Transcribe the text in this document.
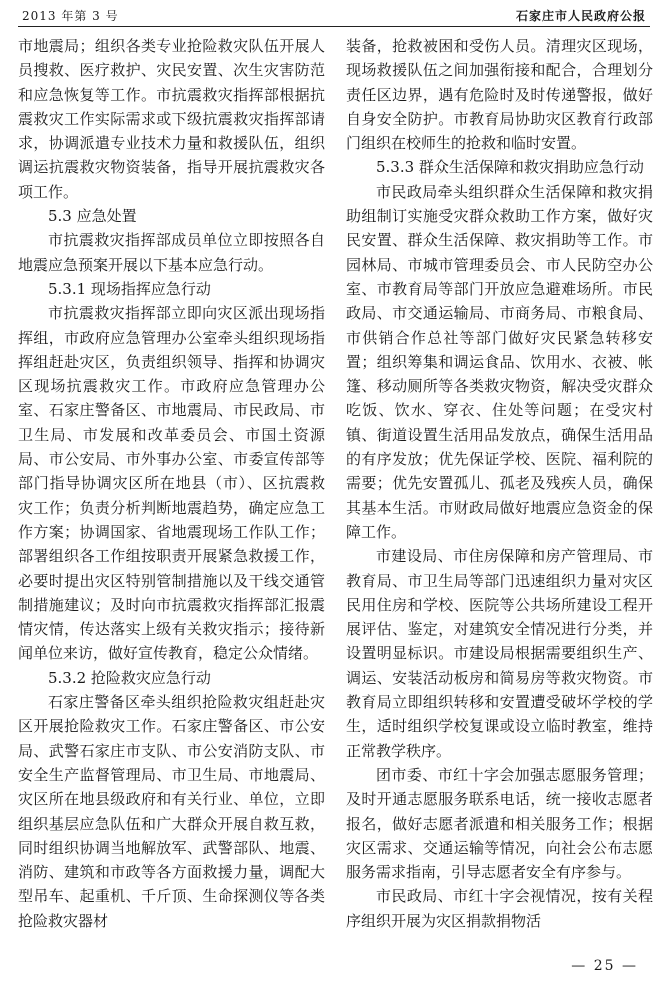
2013 年第 3 号	石家庄市人民政府公报

市地震局；组织各类专业抢险救灾队伍开展人员搜救、医疗救护、灾民安置、次生灾害防范和应急恢复等工作。市抗震救灾指挥部根据抗震救灾工作实际需求或下级抗震救灾指挥部请求，协调派遣专业技术力量和救援队伍，组织调运抗震救灾物资装备，指导开展抗震救灾各项工作。

5.3 应急处置

市抗震救灾指挥部成员单位立即按照各自地震应急预案开展以下基本应急行动。

5.3.1 现场指挥应急行动

市抗震救灾指挥部立即向灾区派出现场指挥组，市政府应急管理办公室牵头组织现场指挥组赶赴灾区，负责组织领导、指挥和协调灾区现场抗震救灾工作。市政府应急管理办公室、石家庄警备区、市地震局、市民政局、市卫生局、市发展和改革委员会、市国土资源局、市公安局、市外事办公室、市委宣传部等部门指导协调灾区所在地县（市）、区抗震救灾工作；负责分析判断地震趋势，确定应急工作方案；协调国家、省地震现场工作队工作；部署组织各工作组按职责开展紧急救援工作，必要时提出灾区特别管制措施以及干线交通管制措施建议；及时向市抗震救灾指挥部汇报震情灾情，传达落实上级有关救灾指示；接待新闻单位来访，做好宣传教育，稳定公众情绪。

5.3.2 抢险救灾应急行动

石家庄警备区牵头组织抢险救灾组赶赴灾区开展抢险救灾工作。石家庄警备区、市公安局、武警石家庄市支队、市公安消防支队、市安全生产监督管理局、市卫生局、市地震局、灾区所在地县级政府和有关行业、单位，立即组织基层应急队伍和广大群众开展自救互救，同时组织协调当地解放军、武警部队、地震、消防、建筑和市政等各方面救援力量，调配大型吊车、起重机、千斤顶、生命探测仪等各类抢险救灾器材

装备，抢救被困和受伤人员。清理灾区现场，现场救援队伍之间加强衔接和配合，合理划分责任区边界，遇有危险时及时传递警报，做好自身安全防护。市教育局协助灾区教育行政部门组织在校师生的抢救和临时安置。

5.3.3 群众生活保障和救灾捐助应急行动

市民政局牵头组织群众生活保障和救灾捐助组制订实施受灾群众救助工作方案，做好灾民安置、群众生活保障、救灾捐助等工作。市园林局、市城市管理委员会、市人民防空办公室、市教育局等部门开放应急避难场所。市民政局、市交通运输局、市商务局、市粮食局、市供销合作总社等部门做好灾民紧急转移安置；组织筹集和调运食品、饮用水、衣被、帐篷、移动厕所等各类救灾物资，解决受灾群众吃饭、饮水、穿衣、住处等问题；在受灾村镇、街道设置生活用品发放点，确保生活用品的有序发放；优先保证学校、医院、福利院的需要；优先安置孤儿、孤老及残疾人员，确保其基本生活。市财政局做好地震应急资金的保障工作。

市建设局、市住房保障和房产管理局、市教育局、市卫生局等部门迅速组织力量对灾区民用住房和学校、医院等公共场所建设工程开展评估、鉴定，对建筑安全情况进行分类，并设置明显标识。市建设局根据需要组织生产、调运、安装活动板房和简易房等救灾物资。市教育局立即组织转移和安置遭受破坏学校的学生，适时组织学校复课或设立临时教室，维持正常教学秩序。

团市委、市红十字会加强志愿服务管理；及时开通志愿服务联系电话，统一接收志愿者报名，做好志愿者派遣和相关服务工作；根据灾区需求、交通运输等情况，向社会公布志愿服务需求指南，引导志愿者安全有序参与。

市民政局、市红十字会视情况，按有关程序组织开展为灾区捐款捐物活

— 25 —
